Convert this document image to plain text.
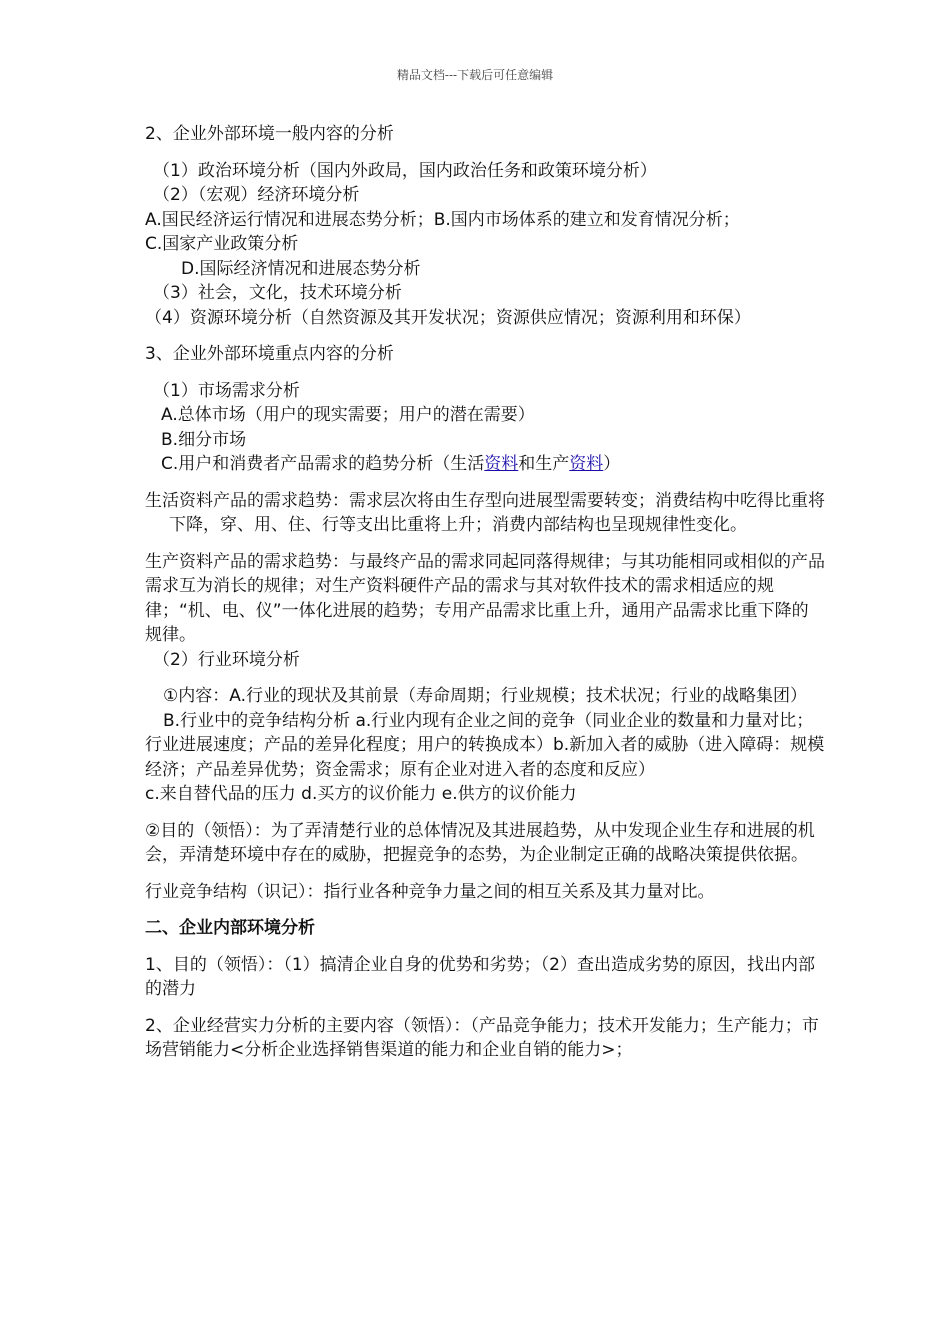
精品文档---下载后可任意编辑

2、企业外部环境一般内容的分析

（1）政治环境分析（国内外政局，国内政治任务和政策环境分析）

（2）（宏观）经济环境分析

A.国民经济运行情况和进展态势分析；B.国内市场体系的建立和发育情况分析；

C.国家产业政策分析

D.国际经济情况和进展态势分析

（3）社会，文化，技术环境分析

（4）资源环境分析（自然资源及其开发状况；资源供应情况；资源利用和环保）

3、企业外部环境重点内容的分析

（1）市场需求分析

A.总体市场（用户的现实需要；用户的潜在需要）

B.细分市场

C.用户和消费者产品需求的趋势分析（生活资料和生产资料）

生活资料产品的需求趋势：需求层次将由生存型向进展型需要转变；消费结构中吃得比重将下降，穿、用、住、行等支出比重将上升；消费内部结构也呈现规律性变化。

生产资料产品的需求趋势：与最终产品的需求同起同落得规律；与其功能相同或相似的产品需求互为消长的规律；对生产资料硬件产品的需求与其对软件技术的需求相适应的规律；“机、电、仪”一体化进展的趋势；专用产品需求比重上升，通用产品需求比重下降的规律。

（2）行业环境分析

①内容：A.行业的现状及其前景（寿命周期；行业规模；技术状况；行业的战略集团）

B.行业中的竞争结构分析 a.行业内现有企业之间的竞争（同业企业的数量和力量对比；行业进展速度；产品的差异化程度；用户的转换成本）b.新加入者的威胁（进入障碍：规模经济；产品差异优势；资金需求；原有企业对进入者的态度和反应）

c.来自替代品的压力 d.买方的议价能力 e.供方的议价能力

②目的（领悟）：为了弄清楚行业的总体情况及其进展趋势，从中发现企业生存和进展的机会，弄清楚环境中存在的威胁，把握竞争的态势，为企业制定正确的战略决策提供依据。

行业竞争结构（识记）：指行业各种竞争力量之间的相互关系及其力量对比。

二、企业内部环境分析

1、目的（领悟）：（1）搞清企业自身的优势和劣势；（2）查出造成劣势的原因，找出内部的潜力

2、企业经营实力分析的主要内容（领悟）：（产品竞争能力；技术开发能力；生产能力；市场营销能力<分析企业选择销售渠道的能力和企业自销的能力>；
